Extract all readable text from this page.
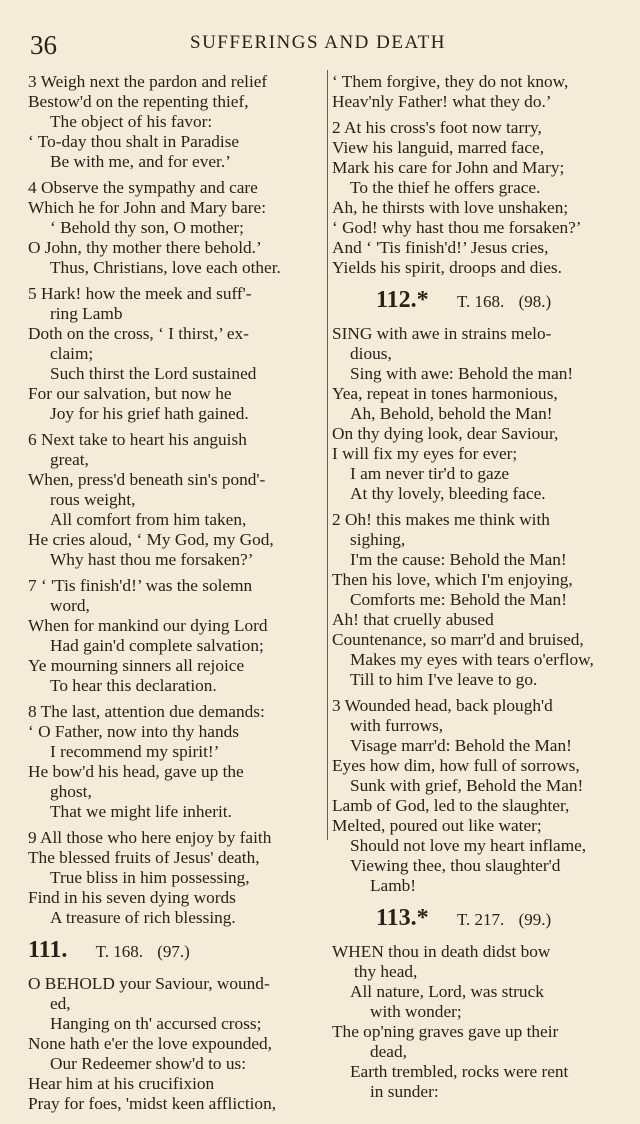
36	SUFFERINGS AND DEATH
3 Weigh next the pardon and relief
Bestow'd on the repenting thief,
The object of his favor:
‘ To-day thou shalt in Paradise
Be with me, and for ever.’
4 Observe the sympathy and care
Which he for John and Mary bare:
‘ Behold thy son, O mother;
O John, thy mother there behold.’
Thus, Christians, love each other.
5 Hark! how the meek and suff'-
ring Lamb
Doth on the cross, ‘ I thirst,’ ex-
claim;
Such thirst the Lord sustained
For our salvation, but now he
Joy for his grief hath gained.
6 Next take to heart his anguish
great,
When, press'd beneath sin's pond'-
rous weight,
All comfort from him taken,
He cries aloud, ‘ My God, my God,
Why hast thou me forsaken?’
7 ‘ 'Tis finish'd!’ was the solemn
word,
When for mankind our dying Lord
Had gain'd complete salvation;
Ye mourning sinners all rejoice
To hear this declaration.
8 The last, attention due demands:
‘ O Father, now into thy hands
I recommend my spirit!’
He bow'd his head, gave up the
ghost,
That we might life inherit.
9 All those who here enjoy by faith
The blessed fruits of Jesus' death,
True bliss in him possessing,
Find in his seven dying words
A treasure of rich blessing.
111. T. 168. (97.)
O BEHOLD your Saviour, wound-
ed,
Hanging on th' accursed cross;
None hath e'er the love expounded,
Our Redeemer show'd to us:
Hear him at his crucifixion
Pray for foes, 'midst keen affliction,
‘ Them forgive, they do not know,
Heav'nly Father! what they do.’
2 At his cross's foot now tarry,
View his languid, marred face,
Mark his care for John and Mary;
To the thief he offers grace.
Ah, he thirsts with love unshaken;
‘ God! why hast thou me forsaken?’
And ‘ 'Tis finish'd!’ Jesus cries,
Yields his spirit, droops and dies.
112.* T. 168. (98.)
SING with awe in strains melo-
dious,
Sing with awe: Behold the man!
Yea, repeat in tones harmonious,
Ah, Behold, behold the Man!
On thy dying look, dear Saviour,
I will fix my eyes for ever;
I am never tir'd to gaze
At thy lovely, bleeding face.
2 Oh! this makes me think with
sighing,
I'm the cause: Behold the Man!
Then his love, which I'm enjoying,
Comforts me: Behold the Man!
Ah! that cruelly abused
Countenance, so marr'd and bruised,
Makes my eyes with tears o'erflow,
Till to him I've leave to go.
3 Wounded head, back plough'd
with furrows,
Visage marr'd: Behold the Man!
Eyes how dim, how full of sorrows,
Sunk with grief, Behold the Man!
Lamb of God, led to the slaughter,
Melted, poured out like water;
Should not love my heart inflame,
Viewing thee, thou slaughter'd
Lamb!
113.* T. 217. (99.)
WHEN thou in death didst bow
thy head,
All nature, Lord, was struck
with wonder;
The op'ning graves gave up their
dead,
Earth trembled, rocks were rent
in sunder:
